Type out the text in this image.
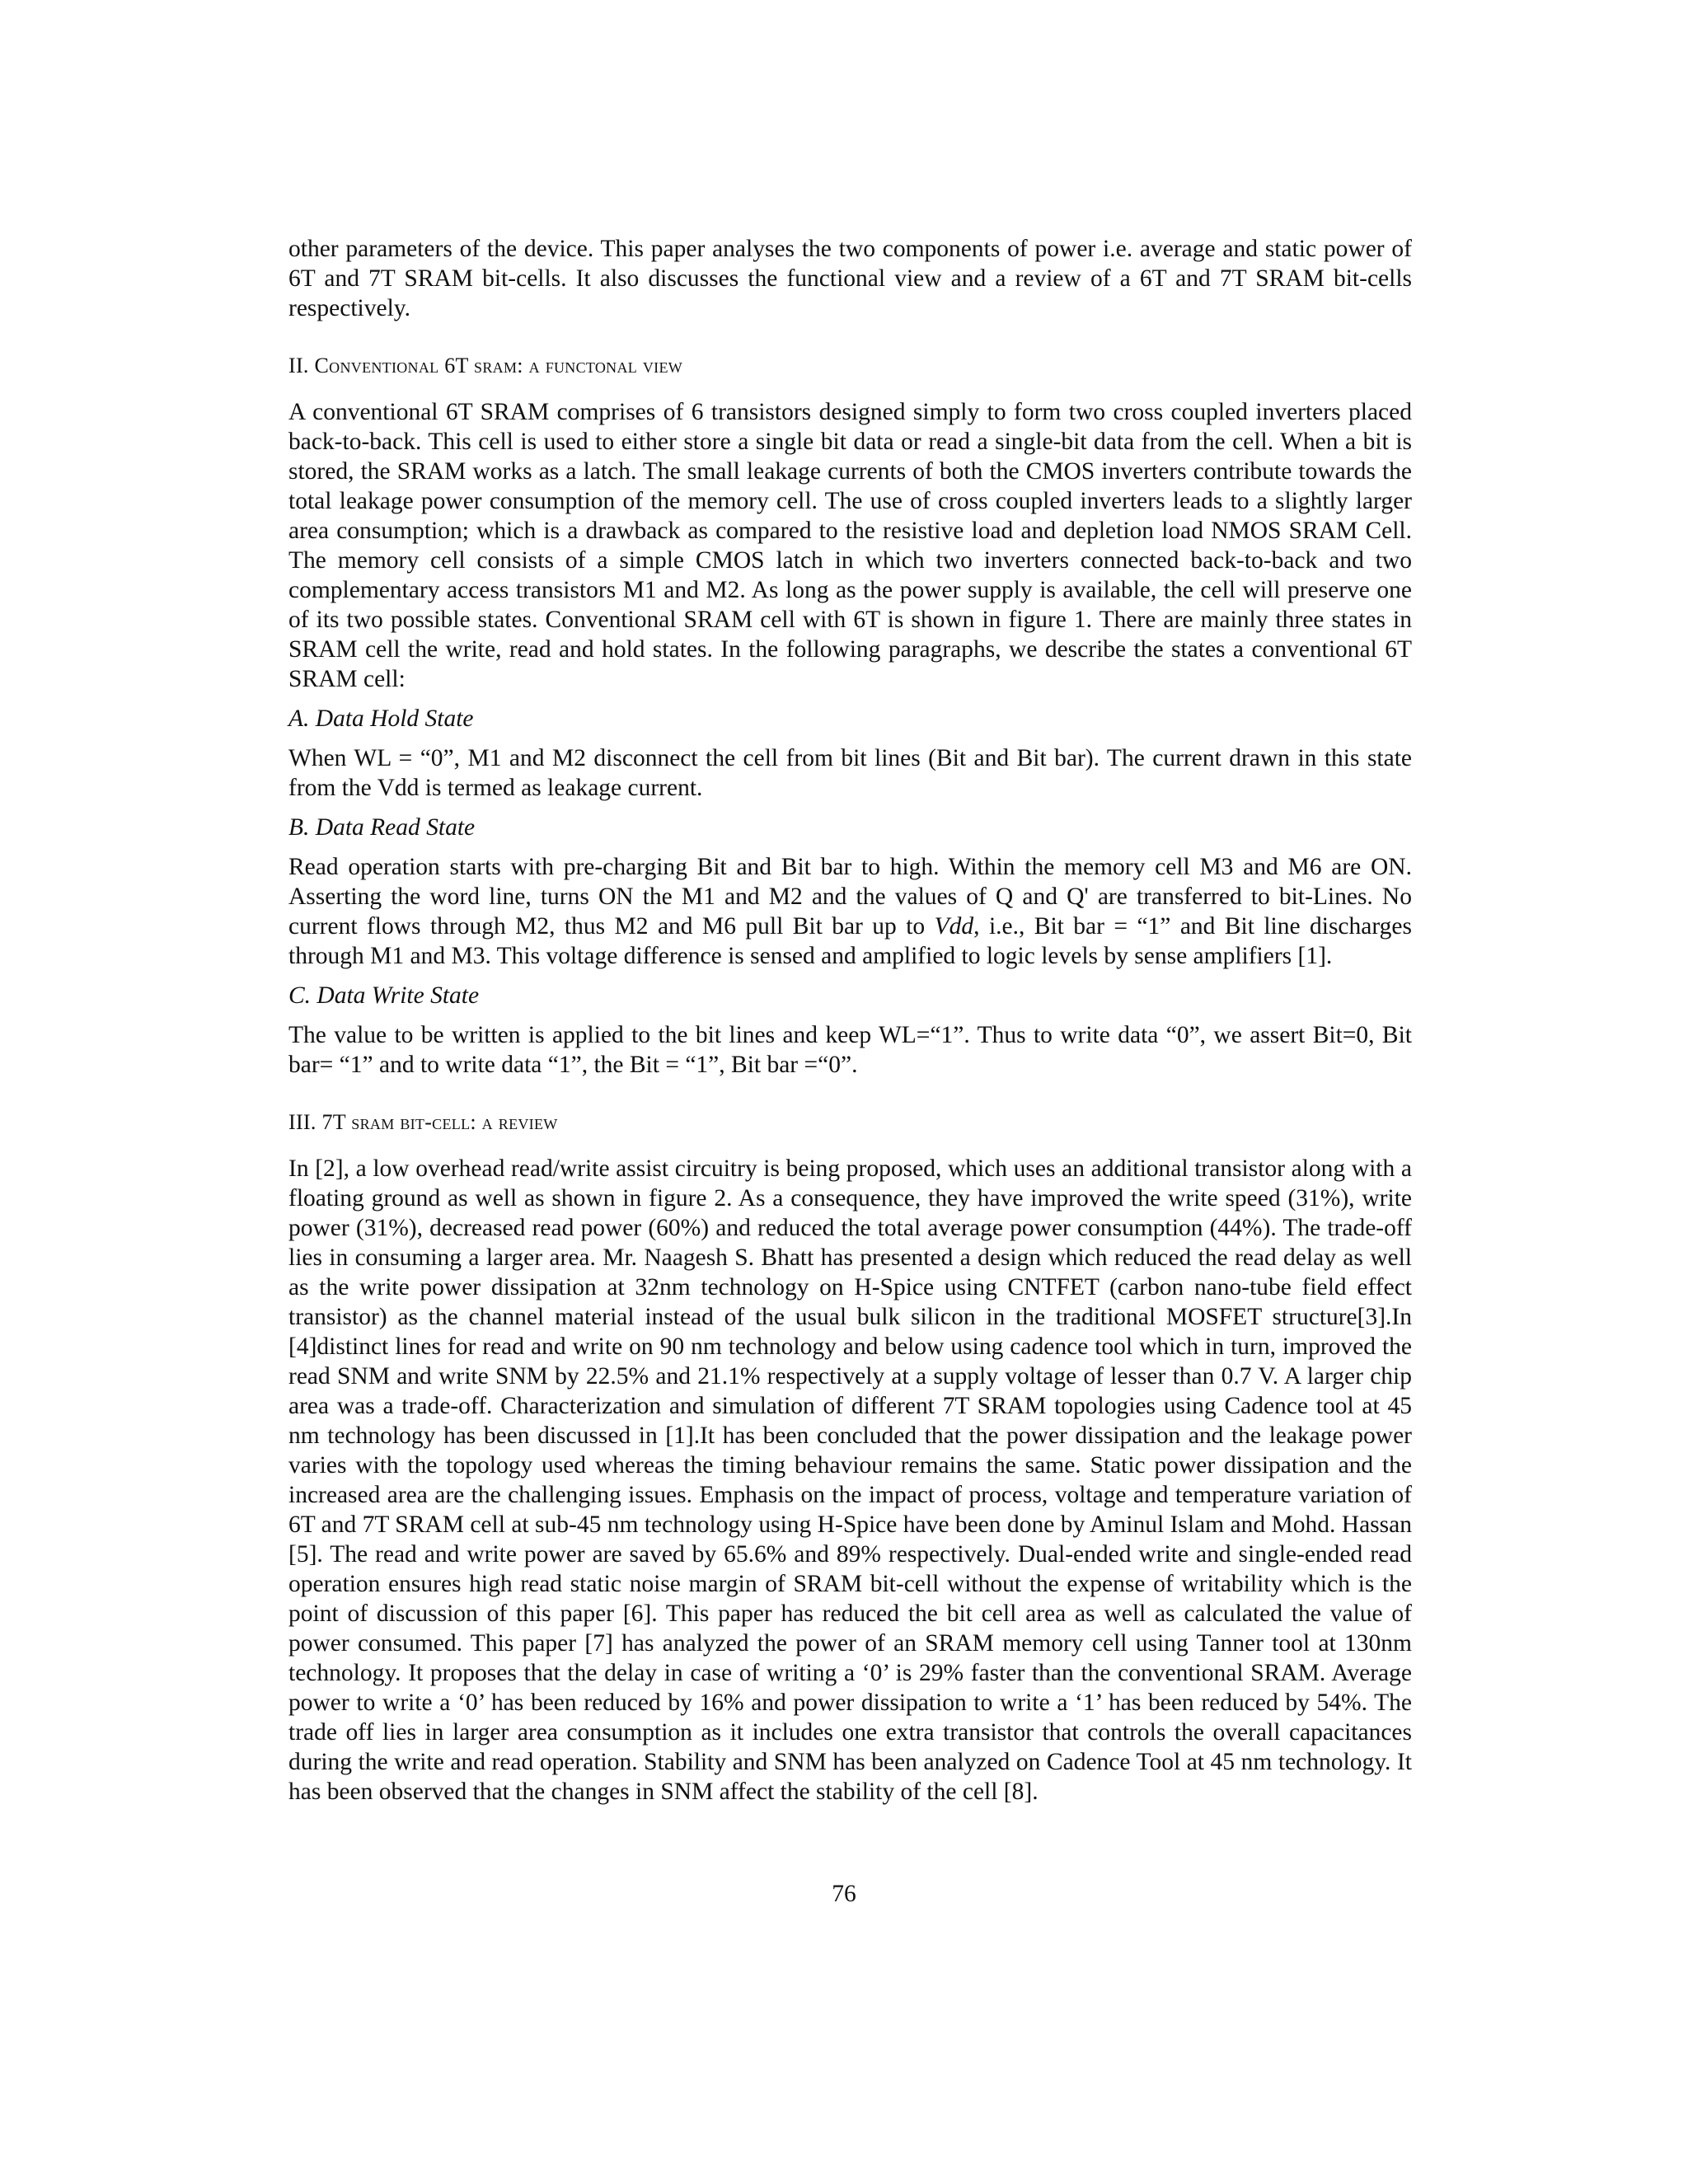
other parameters of the device. This paper analyses the two components of power i.e. average and static power of 6T and 7T SRAM bit-cells. It also discusses the functional view and a review of a 6T and 7T SRAM bit-cells respectively.

II. Conventional 6T sram: a functonal view

A conventional 6T SRAM comprises of 6 transistors designed simply to form two cross coupled inverters placed back-to-back. This cell is used to either store a single bit data or read a single-bit data from the cell. When a bit is stored, the SRAM works as a latch. The small leakage currents of both the CMOS inverters contribute towards the total leakage power consumption of the memory cell. The use of cross coupled inverters leads to a slightly larger area consumption; which is a drawback as compared to the resistive load and depletion load NMOS SRAM Cell. The memory cell consists of a simple CMOS latch in which two inverters connected back-to-back and two complementary access transistors M1 and M2. As long as the power supply is available, the cell will preserve one of its two possible states. Conventional SRAM cell with 6T is shown in figure 1. There are mainly three states in SRAM cell the write, read and hold states. In the following paragraphs, we describe the states a conventional 6T SRAM cell:

A. Data Hold State

When WL = “0”, M1 and M2 disconnect the cell from bit lines (Bit and Bit bar). The current drawn in this state from the Vdd is termed as leakage current.

B. Data Read State

Read operation starts with pre-charging Bit and Bit bar to high. Within the memory cell M3 and M6 are ON. Asserting the word line, turns ON the M1 and M2 and the values of Q and Q' are transferred to bit-Lines. No current flows through M2, thus M2 and M6 pull Bit bar up to Vdd, i.e., Bit bar = “1” and Bit line discharges through M1 and M3. This voltage difference is sensed and amplified to logic levels by sense amplifiers [1].

C. Data Write State

The value to be written is applied to the bit lines and keep WL=“1”. Thus to write data “0”, we assert Bit=0, Bit bar= “1” and to write data “1”, the Bit = “1”, Bit bar =“0”.

III. 7T sram bit-cell: a review

In [2], a low overhead read/write assist circuitry is being proposed, which uses an additional transistor along with a floating ground as well as shown in figure 2. As a consequence, they have improved the write speed (31%), write power (31%), decreased read power (60%) and reduced the total average power consumption (44%). The trade-off lies in consuming a larger area. Mr. Naagesh S. Bhatt has presented a design which reduced the read delay as well as the write power dissipation at 32nm technology on H-Spice using CNTFET (carbon nano-tube field effect transistor) as the channel material instead of the usual bulk silicon in the traditional MOSFET structure[3].In [4]distinct lines for read and write on 90 nm technology and below using cadence tool which in turn, improved the read SNM and write SNM by 22.5% and 21.1% respectively at a supply voltage of lesser than 0.7 V. A larger chip area was a trade-off. Characterization and simulation of different 7T SRAM topologies using Cadence tool at 45 nm technology has been discussed in [1].It has been concluded that the power dissipation and the leakage power varies with the topology used whereas the timing behaviour remains the same. Static power dissipation and the increased area are the challenging issues. Emphasis on the impact of process, voltage and temperature variation of 6T and 7T SRAM cell at sub-45 nm technology using H-Spice have been done by Aminul Islam and Mohd. Hassan [5]. The read and write power are saved by 65.6% and 89% respectively. Dual-ended write and single-ended read operation ensures high read static noise margin of SRAM bit-cell without the expense of writability which is the point of discussion of this paper [6]. This paper has reduced the bit cell area as well as calculated the value of power consumed. This paper [7] has analyzed the power of an SRAM memory cell using Tanner tool at 130nm technology. It proposes that the delay in case of writing a ‘0’ is 29% faster than the conventional SRAM. Average power to write a ‘0’ has been reduced by 16% and power dissipation to write a ‘1’ has been reduced by 54%. The trade off lies in larger area consumption as it includes one extra transistor that controls the overall capacitances during the write and read operation. Stability and SNM has been analyzed on Cadence Tool at 45 nm technology. It has been observed that the changes in SNM affect the stability of the cell [8].

76
